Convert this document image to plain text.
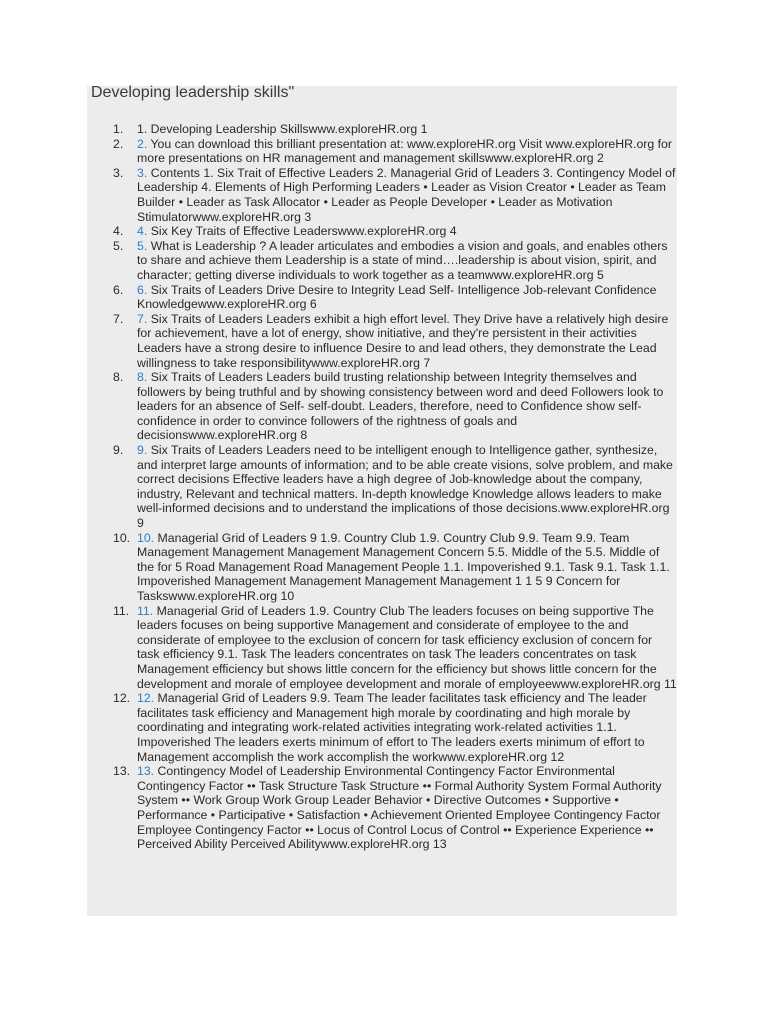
Developing leadership skills"
1. 1. Developing Leadership Skillswww.exploreHR.org 1
2. 2. You can download this brilliant presentation at: www.exploreHR.org Visit www.exploreHR.org for more presentations on HR management and management skillswww.exploreHR.org 2
3. 3. Contents 1. Six Trait of Effective Leaders 2. Managerial Grid of Leaders 3. Contingency Model of Leadership 4. Elements of High Performing Leaders • Leader as Vision Creator • Leader as Team Builder • Leader as Task Allocator • Leader as People Developer • Leader as Motivation Stimulatorwww.exploreHR.org 3
4. 4. Six Key Traits of Effective Leaderswww.exploreHR.org 4
5. 5. What is Leadership ? A leader articulates and embodies a vision and goals, and enables others to share and achieve them Leadership is a state of mind….leadership is about vision, spirit, and character; getting diverse individuals to work together as a teamwww.exploreHR.org 5
6. 6. Six Traits of Leaders Drive Desire to Integrity Lead Self- Intelligence Job-relevant Confidence Knowledgewww.exploreHR.org 6
7. 7. Six Traits of Leaders Leaders exhibit a high effort level. They Drive have a relatively high desire for achievement, have a lot of energy, show initiative, and they're persistent in their activities Leaders have a strong desire to influence Desire to and lead others, they demonstrate the Lead willingness to take responsibilitywww.exploreHR.org 7
8. 8. Six Traits of Leaders Leaders build trusting relationship between Integrity themselves and followers by being truthful and by showing consistency between word and deed Followers look to leaders for an absence of Self- self-doubt. Leaders, therefore, need to Confidence show self-confidence in order to convince followers of the rightness of goals and decisionswww.exploreHR.org 8
9. 9. Six Traits of Leaders Leaders need to be intelligent enough to Intelligence gather, synthesize, and interpret large amounts of information; and to be able create visions, solve problem, and make correct decisions Effective leaders have a high degree of Job-knowledge about the company, industry, Relevant and technical matters. In-depth knowledge Knowledge allows leaders to make well-informed decisions and to understand the implications of those decisions.www.exploreHR.org 9
10. 10. Managerial Grid of Leaders 9 1.9. Country Club 1.9. Country Club 9.9. Team 9.9. Team Management Management Management Management Concern 5.5. Middle of the 5.5. Middle of the for 5 Road Management Road Management People 1.1. Impoverished 9.1. Task 9.1. Task 1.1. Impoverished Management Management Management Management 1 1 5 9 Concern for Taskswww.exploreHR.org 10
11. 11. Managerial Grid of Leaders 1.9. Country Club The leaders focuses on being supportive The leaders focuses on being supportive Management and considerate of employee to the and considerate of employee to the exclusion of concern for task efficiency exclusion of concern for task efficiency 9.1. Task The leaders concentrates on task The leaders concentrates on task Management efficiency but shows little concern for the efficiency but shows little concern for the development and morale of employee development and morale of employeewww.exploreHR.org 11
12. 12. Managerial Grid of Leaders 9.9. Team The leader facilitates task efficiency and The leader facilitates task efficiency and Management high morale by coordinating and high morale by coordinating and integrating work-related activities integrating work-related activities 1.1. Impoverished The leaders exerts minimum of effort to The leaders exerts minimum of effort to Management accomplish the work accomplish the workwww.exploreHR.org 12
13. 13. Contingency Model of Leadership Environmental Contingency Factor Environmental Contingency Factor •• Task Structure Task Structure •• Formal Authority System Formal Authority System •• Work Group Work Group Leader Behavior • Directive Outcomes • Supportive • Performance • Participative • Satisfaction • Achievement Oriented Employee Contingency Factor Employee Contingency Factor •• Locus of Control Locus of Control •• Experience Experience •• Perceived Ability Perceived Abilitywww.exploreHR.org 13
